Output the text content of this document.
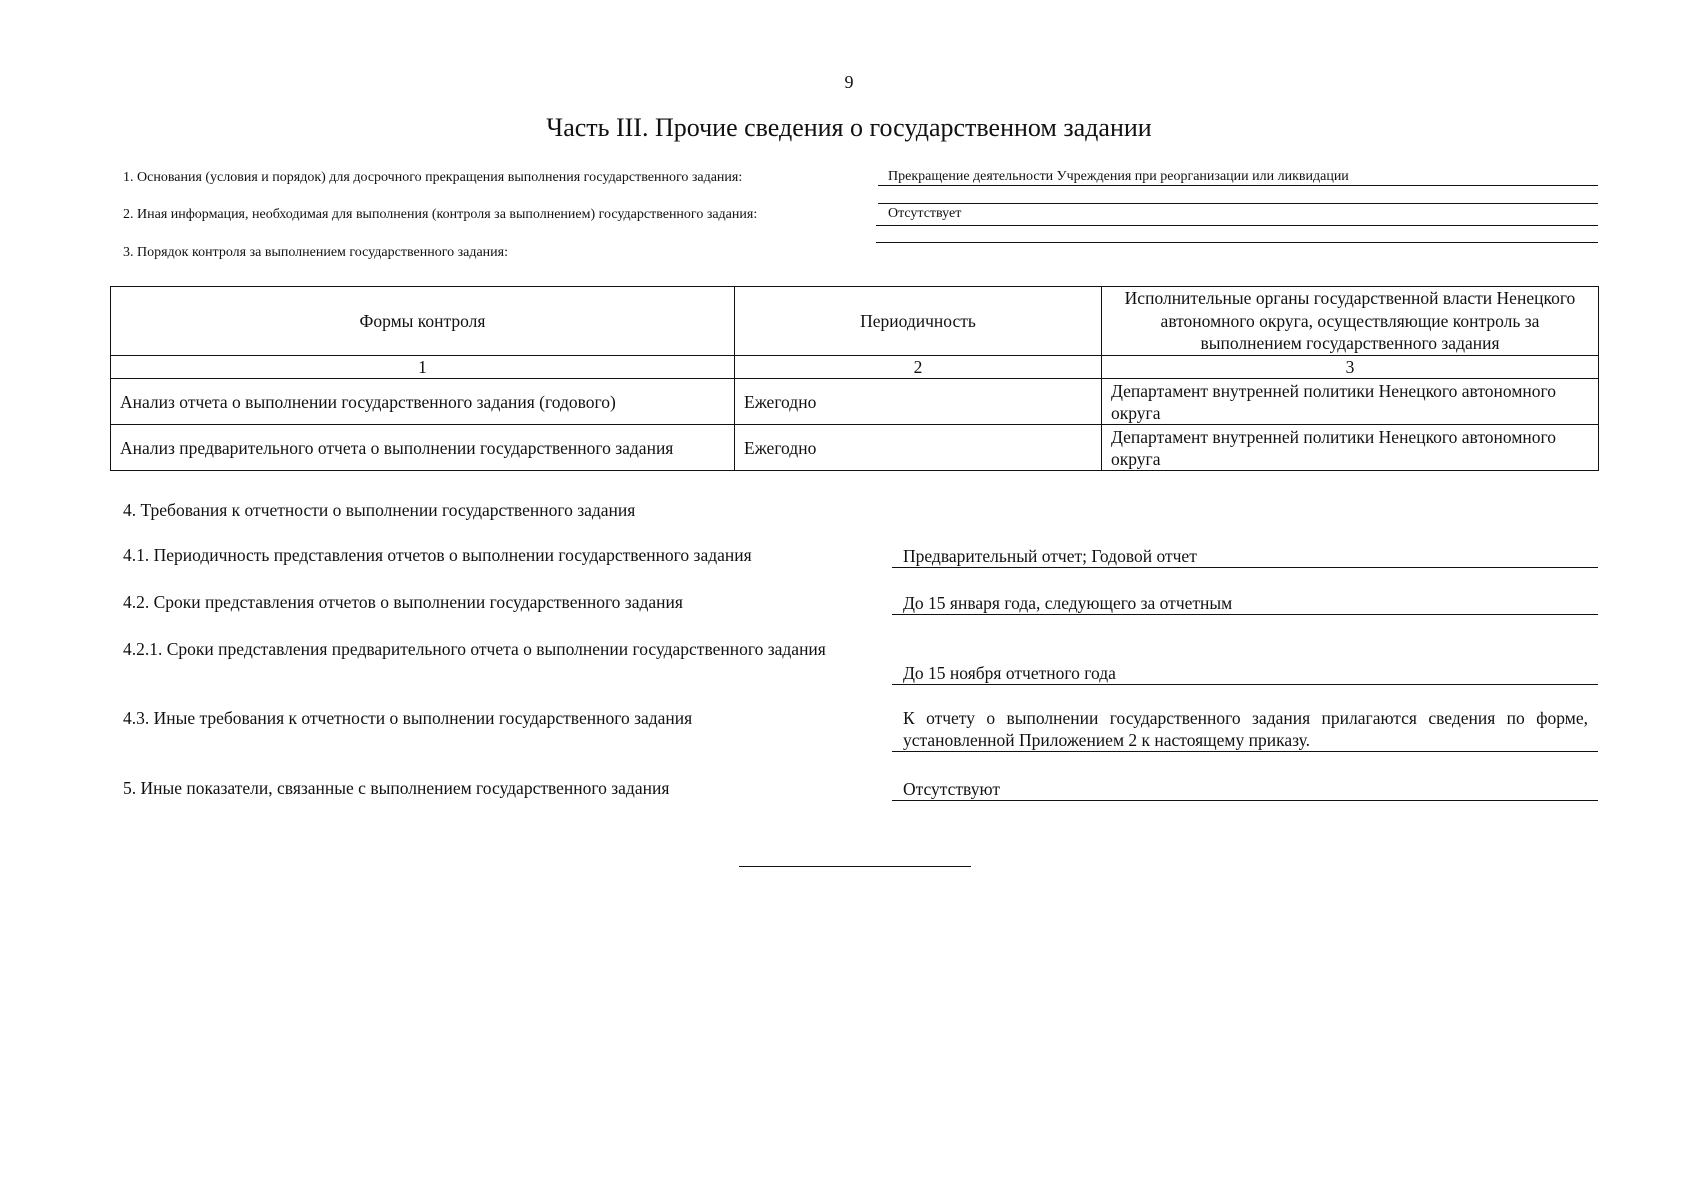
9
Часть III. Прочие сведения о государственном задании
1. Основания (условия и порядок) для досрочного прекращения выполнения государственного задания:	Прекращение деятельности Учреждения при реорганизации или ликвидации
2. Иная информация, необходимая для выполнения (контроля за выполнением) государственного задания:	Отсутствует
3. Порядок контроля за выполнением государственного задания:
Формы контроля	Периодичность	Исполнительные органы государственной власти Ненецкого автономного округа, осуществляющие контроль за выполнением государственного задания
1	2	3
Анализ отчета о выполнении государственного задания (годового)	Ежегодно	Департамент внутренней политики Ненецкого автономного округа
Анализ предварительного отчета о выполнении государственного задания	Ежегодно	Департамент внутренней политики Ненецкого автономного округа
4. Требования к отчетности о выполнении государственного задания
4.1. Периодичность представления отчетов о выполнении государственного задания	Предварительный отчет; Годовой отчет
4.2. Сроки представления отчетов о выполнении государственного задания	До 15 января года, следующего за отчетным
4.2.1. Сроки представления предварительного отчета о выполнении государственного задания
До 15 ноября отчетного года
4.3. Иные требования к отчетности о выполнении государственного задания	К отчету о выполнении государственного задания прилагаются сведения по форме, установленной Приложением 2 к настоящему приказу.
5. Иные показатели, связанные с выполнением государственного задания	Отсутствуют
